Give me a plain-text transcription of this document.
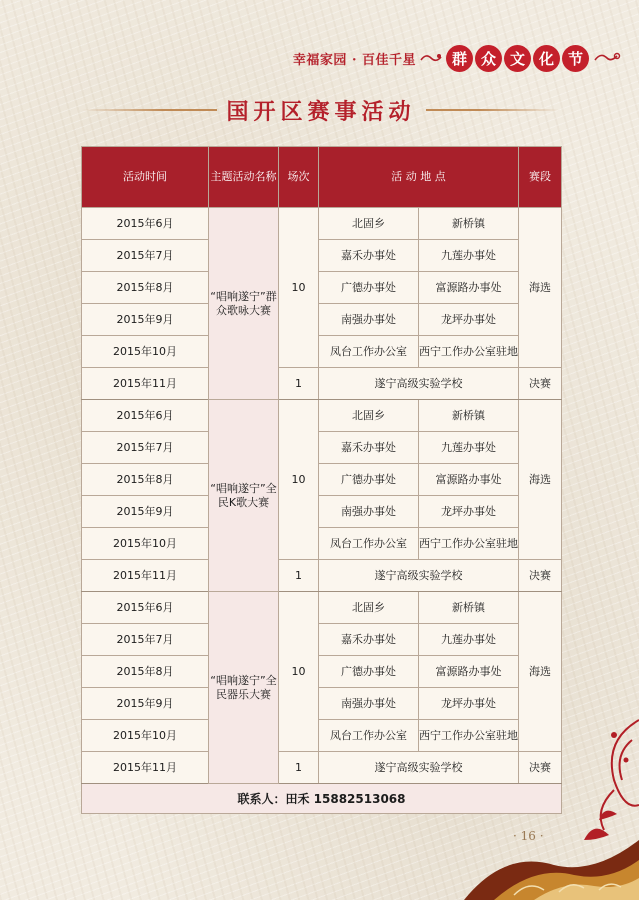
幸福家园 · 百佳千星	群 众 文 化 节
国开区赛事活动
活动时间	主题活动名称	场次	活 动 地 点		赛段
2015年6月	“唱响遂宁”群众歌咏大赛	10	北固乡	新桥镇	海选
2015年7月			嘉禾办事处	九莲办事处	
2015年8月			广德办事处	富源路办事处	
2015年9月			南强办事处	龙坪办事处	
2015年10月			凤台工作办公室	西宁工作办公室驻地	
2015年11月		1	遂宁高级实验学校		决赛
2015年6月	“唱响遂宁”全民K歌大赛	10	北固乡	新桥镇	海选
2015年7月			嘉禾办事处	九莲办事处	
2015年8月			广德办事处	富源路办事处	
2015年9月			南强办事处	龙坪办事处	
2015年10月			凤台工作办公室	西宁工作办公室驻地	
2015年11月		1	遂宁高级实验学校		决赛
2015年6月	“唱响遂宁”全民器乐大赛	10	北固乡	新桥镇	海选
2015年7月			嘉禾办事处	九莲办事处	
2015年8月			广德办事处	富源路办事处	
2015年9月			南强办事处	龙坪办事处	
2015年10月			凤台工作办公室	西宁工作办公室驻地	
2015年11月		1	遂宁高级实验学校		决赛
联系人：田禾 15882513068					
· 16 ·
